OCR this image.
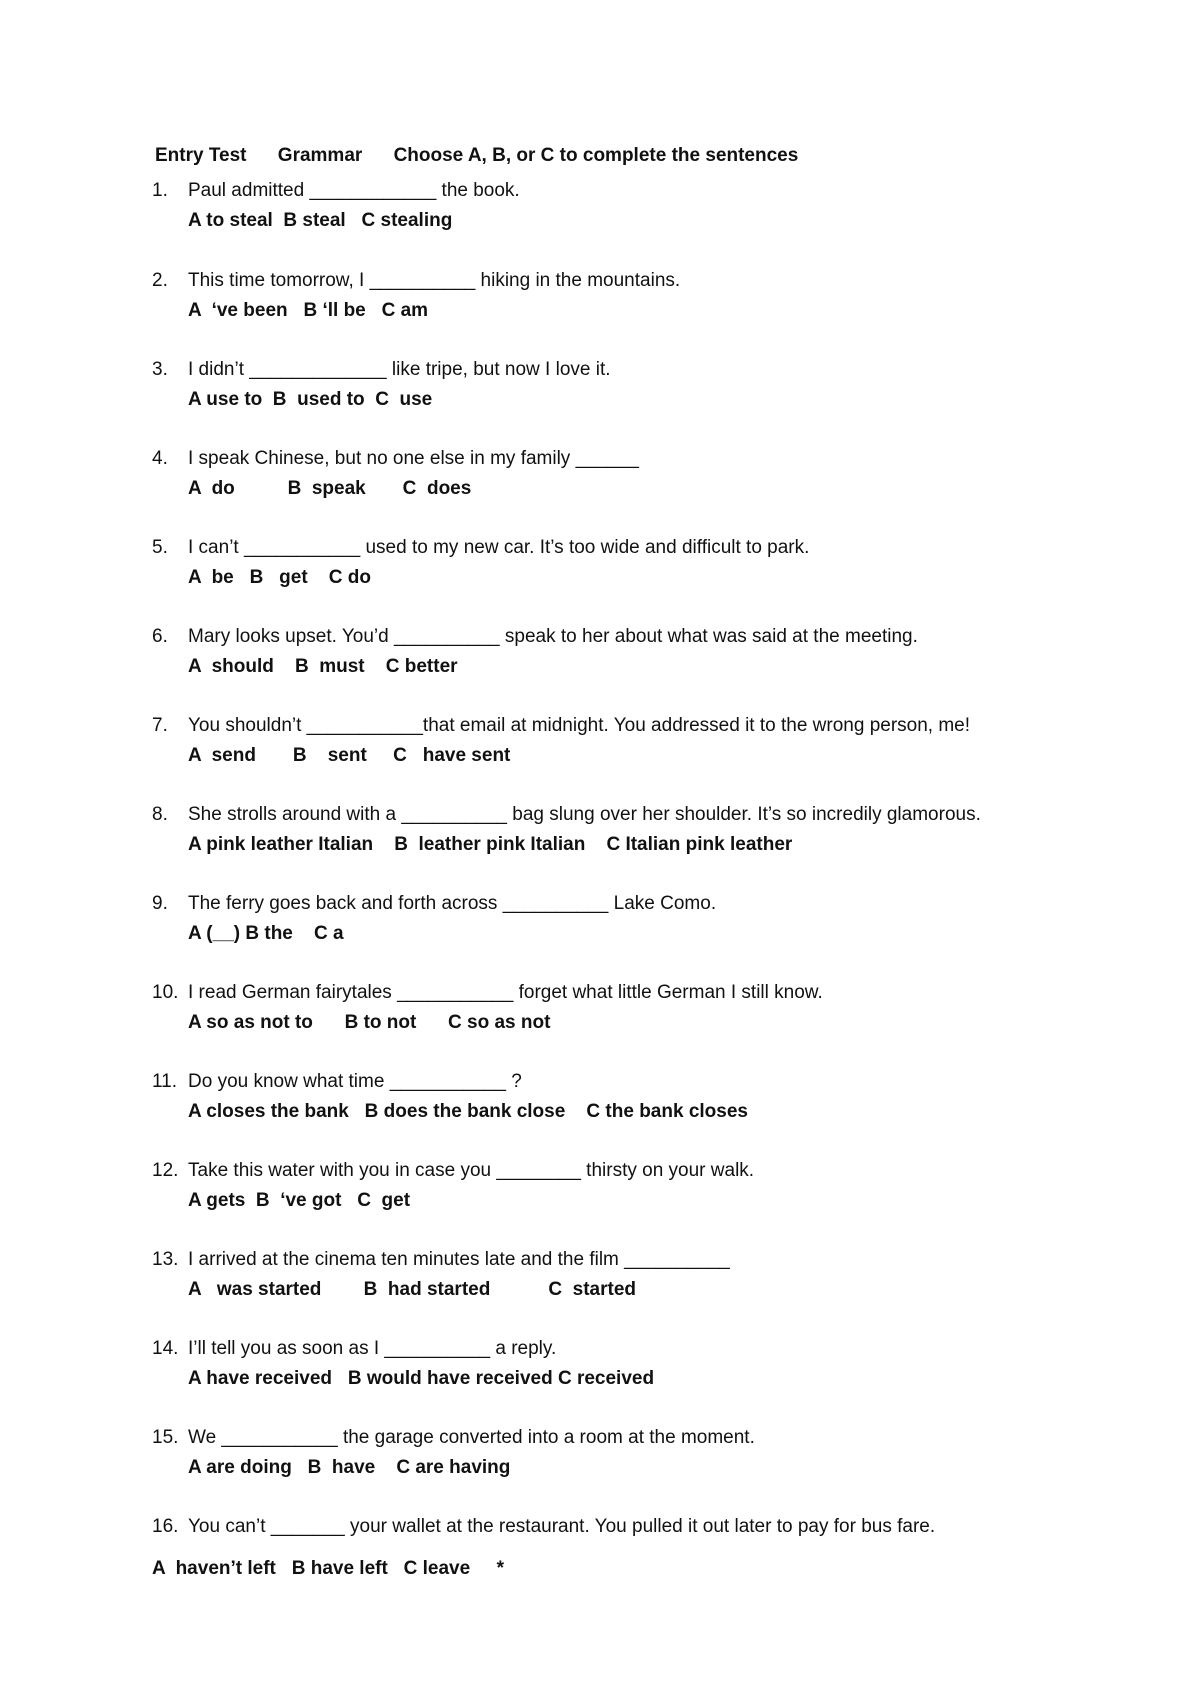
Entry Test Grammar Choose A, B, or C to complete the sentences
1.	Paul admitted ____________ the book.
A to steal  B steal   C stealing
2.	This time tomorrow, I __________ hiking in the mountains.
A  ‘ve been   B ‘ll be   C am
3.	I didn’t _____________ like tripe, but now I love it.
A use to  B  used to  C  use
4.	I speak Chinese, but no one else in my family ______
A  do          B  speak       C  does
5.	I can’t ___________ used to my new car. It’s too wide and difficult to park.
A  be   B   get    C do
6.	Mary looks upset. You’d __________ speak to her about what was said at the meeting.
A  should    B  must    C better
7.	You shouldn’t ___________that email at midnight. You addressed it to the wrong person, me!
A  send       B    sent     C   have sent
8.	She strolls around with a __________ bag slung over her shoulder. It’s so incredily glamorous.
A pink leather Italian    B  leather pink Italian    C Italian pink leather
9.	The ferry goes back and forth across __________ Lake Como.
A (__) B the    C a
10. I read German fairytales ___________ forget what little German I still know.
A so as not to      B to not      C so as not
11. Do you know what time ___________ ?
A closes the bank   B does the bank close    C the bank closes
12. Take this water with you in case you ________ thirsty on your walk.
A gets  B  ‘ve got   C  get
13. I arrived at the cinema ten minutes late and the film __________
A   was started        B  had started           C  started
14. I’ll tell you as soon as I __________ a reply.
A have received   B would have received C received
15. We ___________ the garage converted into a room at the moment.
A are doing   B  have    C are having
16. You can’t _______ your wallet at the restaurant. You pulled it out later to pay for bus fare.
A  haven’t left   B have left   C leave     *
